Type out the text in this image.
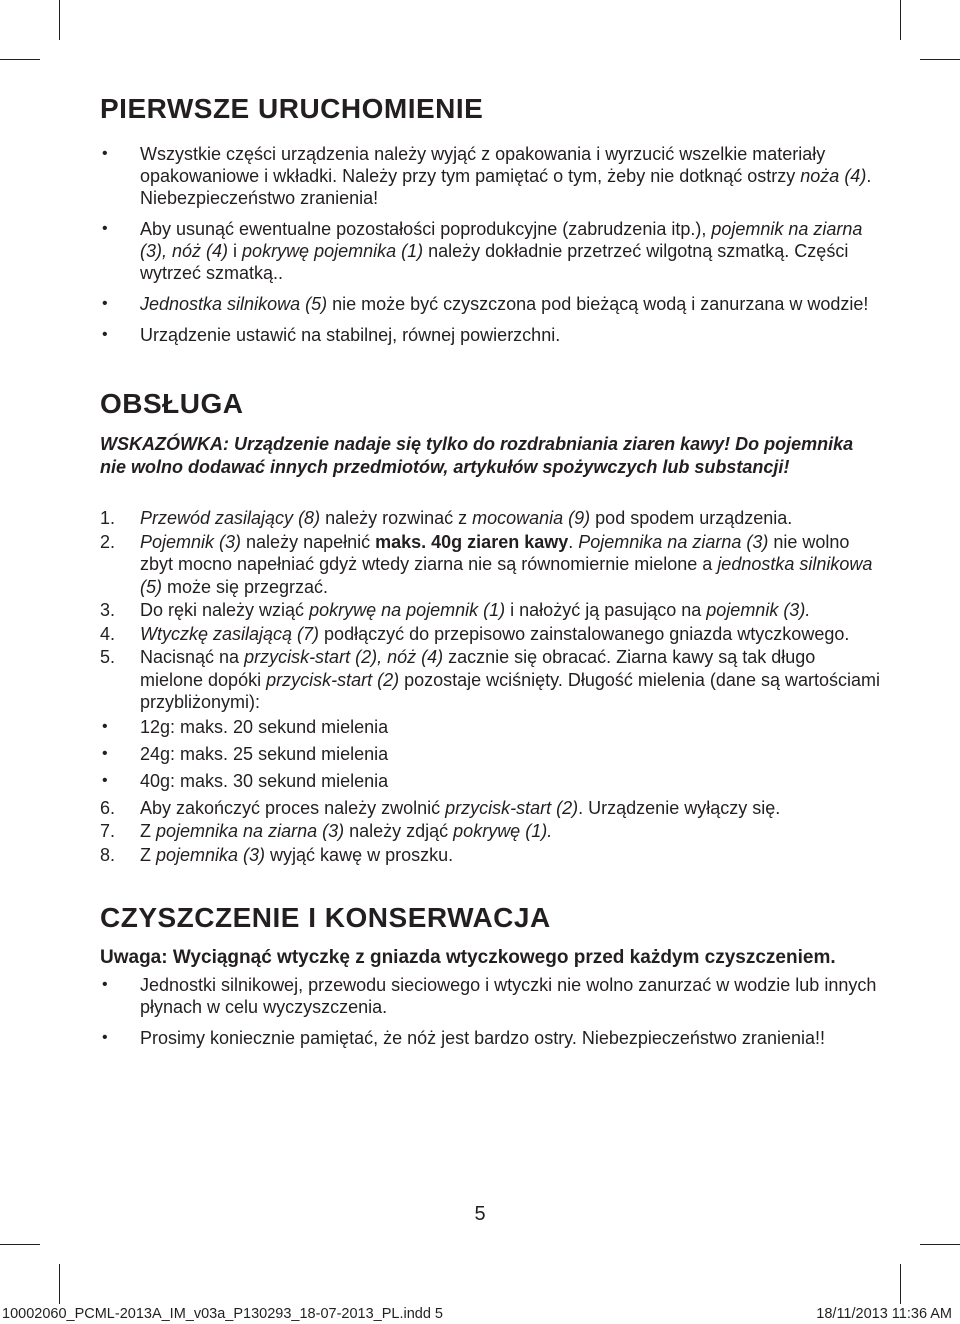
PIERWSZE URUCHOMIENIE
• Wszystkie części urządzenia należy wyjąć z opakowania i wyrzucić wszelkie materiały opakowaniowe i wkładki. Należy przy tym pamiętać o tym, żeby nie dotknąć ostrzy noża (4). Niebezpieczeństwo zranienia!
• Aby usunąć ewentualne pozostałości poprodukcyjne (zabrudzenia itp.), pojemnik na ziarna (3), nóż (4) i pokrywę pojemnika (1) należy dokładnie przetrzeć wilgotną szmatką. Części wytrzeć szmatką..
• Jednostka silnikowa (5) nie może być czyszczona pod bieżącą wodą i zanurzana w wodzie!
• Urządzenie ustawić na stabilnej, równej powierzchni.
OBSŁUGA
WSKAZÓWKA: Urządzenie nadaje się tylko do rozdrabniania ziaren kawy! Do pojemnika nie wolno dodawać innych przedmiotów, artykułów spożywczych lub substancji!
1. Przewód zasilający (8) należy rozwinać z mocowania (9) pod spodem urządzenia.
2. Pojemnik (3) należy napełnić maks. 40g ziaren kawy. Pojemnika na ziarna (3) nie wolno zbyt mocno napełniać gdyż wtedy ziarna nie są równomiernie mielone a jednostka silnikowa (5) może się przegrzać.
3. Do ręki należy wziąć pokrywę na pojemnik (1) i nałożyć ją pasująco na pojemnik (3).
4. Wtyczkę zasilającą (7) podłączyć do przepisowo zainstalowanego gniazda wtyczkowego.
5. Nacisnąć na przycisk-start (2), nóż (4) zacznie się obracać. Ziarna kawy są tak długo mielone dopóki przycisk-start (2) pozostaje wciśnięty. Długość mielenia (dane są wartościami przybliżonymi):
• 12g: maks. 20 sekund mielenia
• 24g: maks. 25 sekund mielenia
• 40g: maks. 30 sekund mielenia
6. Aby zakończyć proces należy zwolnić przycisk-start (2). Urządzenie wyłączy się.
7. Z pojemnika na ziarna (3) należy zdjąć pokrywę (1).
8. Z pojemnika (3) wyjąć kawę w proszku.
CZYSZCZENIE I KONSERWACJA
Uwaga: Wyciągnąć wtyczkę z gniazda wtyczkowego przed każdym czyszczeniem.
• Jednostki silnikowej, przewodu sieciowego i wtyczki nie wolno zanurzać w wodzie lub innych płynach w celu wyczyszczenia.
• Prosimy koniecznie pamiętać, że nóż jest bardzo ostry. Niebezpieczeństwo zranienia!!
5
10002060_PCML-2013A_IM_v03a_P130293_18-07-2013_PL.indd 5	18/11/2013 11:36 AM
